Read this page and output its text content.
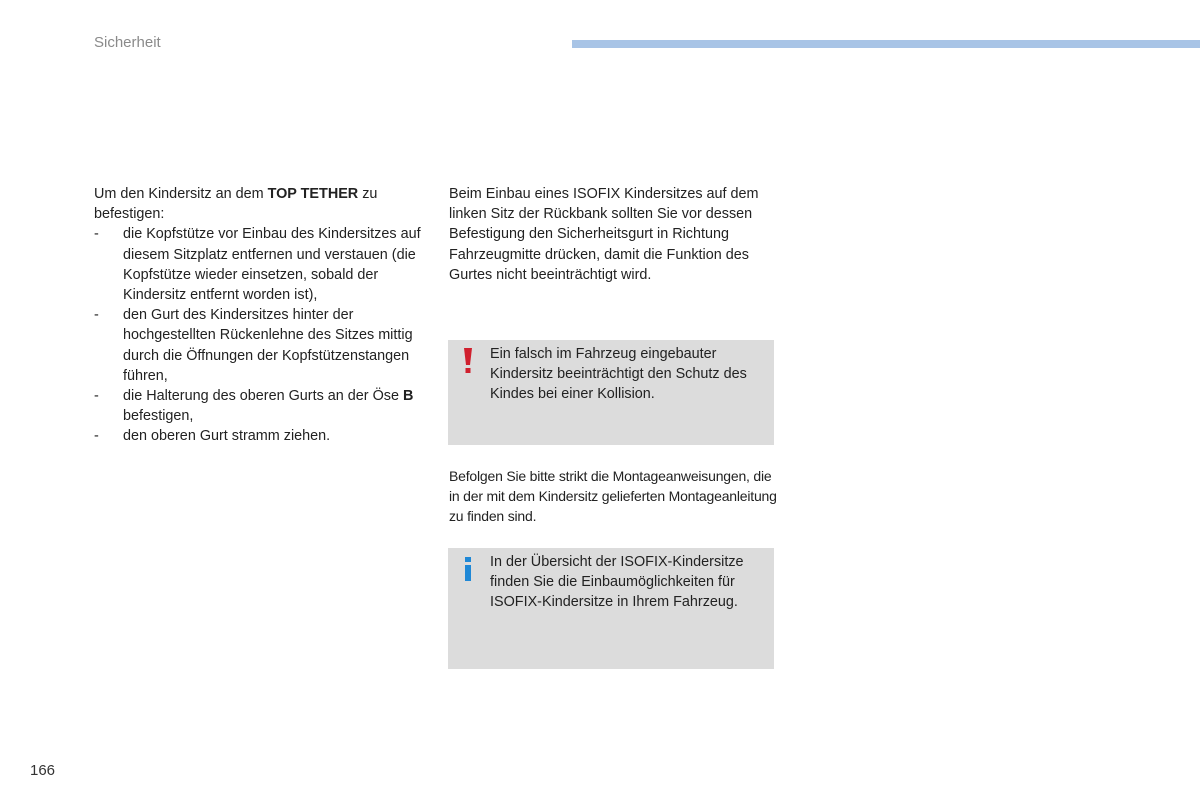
Sicherheit

Um den Kindersitz an dem TOP TETHER zu befestigen:

- die Kopfstütze vor Einbau des Kindersitzes auf diesem Sitzplatz entfernen und verstauen (die Kopfstütze wieder einsetzen, sobald der Kindersitz entfernt worden ist),
- den Gurt des Kindersitzes hinter der hochgestellten Rückenlehne des Sitzes mittig durch die Öffnungen der Kopfstützenstangen führen,
- die Halterung des oberen Gurts an der Öse B befestigen,
- den oberen Gurt stramm ziehen.
Beim Einbau eines ISOFIX Kindersitzes auf dem linken Sitz der Rückbank sollten Sie vor dessen Befestigung den Sicherheitsgurt in Richtung Fahrzeugmitte drücken, damit die Funktion des Gurtes nicht beeinträchtigt wird.
Ein falsch im Fahrzeug eingebauter Kindersitz beeinträchtigt den Schutz des Kindes bei einer Kollision.
Befolgen Sie bitte strikt die Montageanweisungen, die in der mit dem Kindersitz gelieferten Montageanleitung zu finden sind.
In der Übersicht der ISOFIX-Kindersitze finden Sie die Einbaumöglichkeiten für ISOFIX-Kindersitze in Ihrem Fahrzeug.
166
